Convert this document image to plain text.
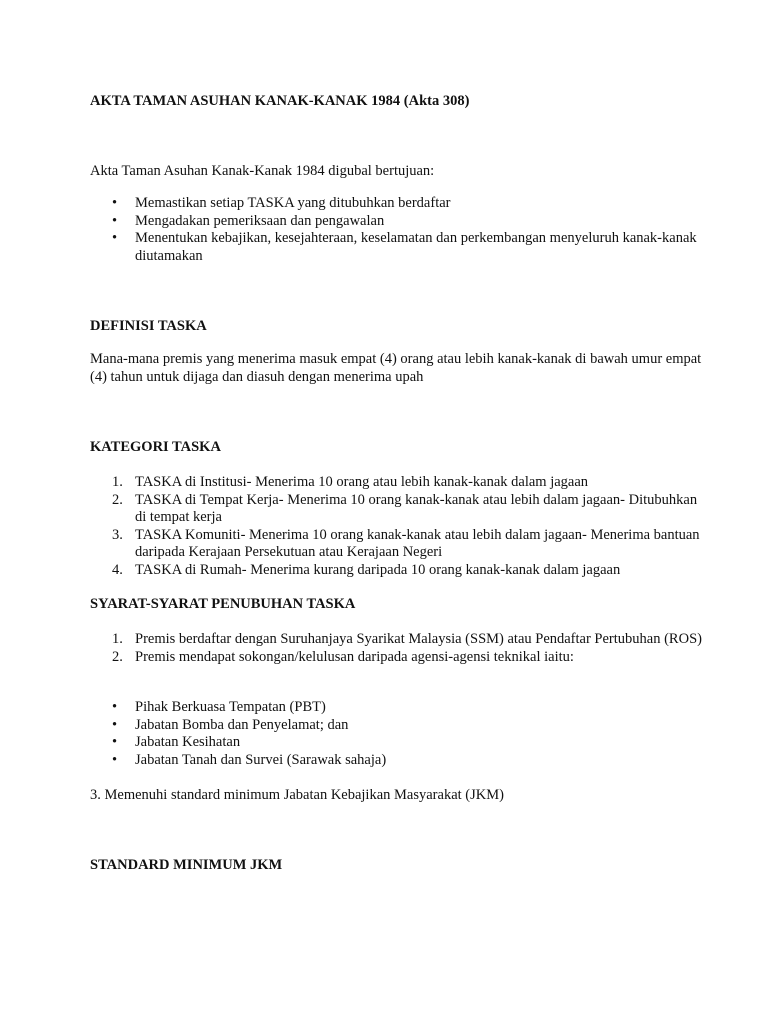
AKTA TAMAN ASUHAN KANAK-KANAK 1984 (Akta 308)

Akta Taman Asuhan Kanak-Kanak 1984 digubal bertujuan:

• Memastikan setiap TASKA yang ditubuhkan berdaftar
• Mengadakan pemeriksaan dan pengawalan
• Menentukan kebajikan, kesejahteraan, keselamatan dan perkembangan menyeluruh kanak-kanak diutamakan
DEFINISI TASKA

Mana-mana premis yang menerima masuk empat (4) orang atau lebih kanak-kanak di bawah umur empat (4) tahun untuk dijaga dan diasuh dengan menerima upah

KATEGORI TASKA
1. TASKA di Institusi- Menerima 10 orang atau lebih kanak-kanak dalam jagaan
2. TASKA di Tempat Kerja- Menerima 10 orang kanak-kanak atau lebih dalam jagaan- Ditubuhkan di tempat kerja
3. TASKA Komuniti- Menerima 10 orang kanak-kanak atau lebih dalam jagaan- Menerima bantuan daripada Kerajaan Persekutuan atau Kerajaan Negeri
4. TASKA di Rumah- Menerima kurang daripada 10 orang kanak-kanak dalam jagaan
SYARAT-SYARAT PENUBUHAN TASKA
1. Premis berdaftar dengan Suruhanjaya Syarikat Malaysia (SSM) atau Pendaftar Pertubuhan (ROS)
2. Premis mendapat sokongan/kelulusan daripada agensi-agensi teknikal iaitu:
• Pihak Berkuasa Tempatan (PBT)
• Jabatan Bomba dan Penyelamat; dan
• Jabatan Kesihatan
• Jabatan Tanah dan Survei (Sarawak sahaja)

3. Memenuhi standard minimum Jabatan Kebajikan Masyarakat (JKM)

STANDARD MINIMUM JKM
